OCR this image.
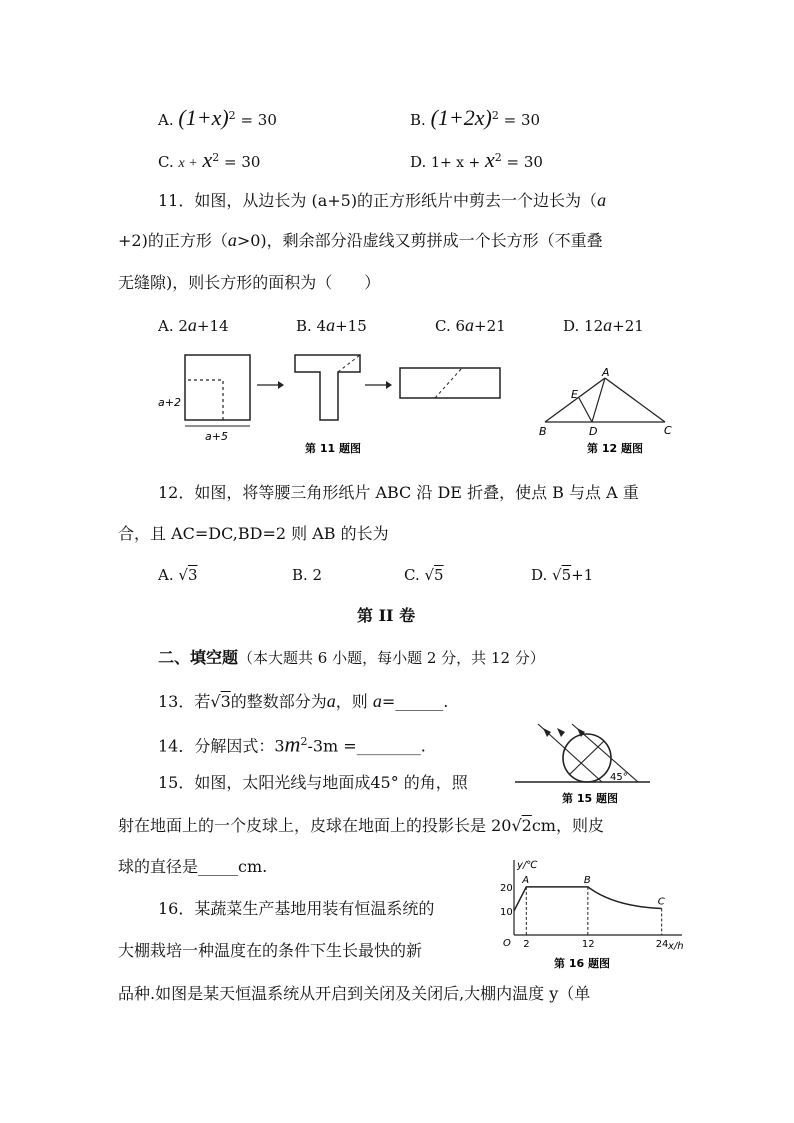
A. $(1+x)^2 = 30$	B. $(1+2x)^2 = 30$
C. $x + x^2 = 30$	D. $1+ x + x^2 = 30$
11．如图，从边长为 (a+5)的正方形纸片中剪去一个边长为（a
+2)的正方形（a>0)，剩余部分沿虚线又剪拼成一个长方形（不重叠
无缝隙)，则长方形的面积为（　　）
A. 2a+14	B. 4a+15	C. 6a+21	D. 12a+21
a+2
a+5
第 11 题图
A
B	C
D
E
第 12 题图
12．如图，将等腰三角形纸片 ABC 沿 DE 折叠，使点 B 与点 A 重
合，且 AC=DC,BD=2 则 AB 的长为
A. √3	B. 2	C. √5	D. √5+1
第 II 卷
二、填空题（本大题共 6 小题，每小题 2 分，共 12 分）
13．若√3的整数部分为a，则 a=______.
14．分解因式：$3m^2-3m$ =________.
45°
第 15 题图
15．如图，太阳光线与地面成45° 的角，照
射在地面上的一个皮球上，皮球在地面上的投影长是 20√2cm，则皮
球的直径是_____cm.	y/℃
x/h
O
A	B
C
2	12	24
10
20
第 16 题图
16．某蔬菜生产基地用装有恒温系统的
大棚栽培一种温度在的条件下生长最快的新
品种.如图是某天恒温系统从开启到关闭及关闭后,大棚内温度 y（单
